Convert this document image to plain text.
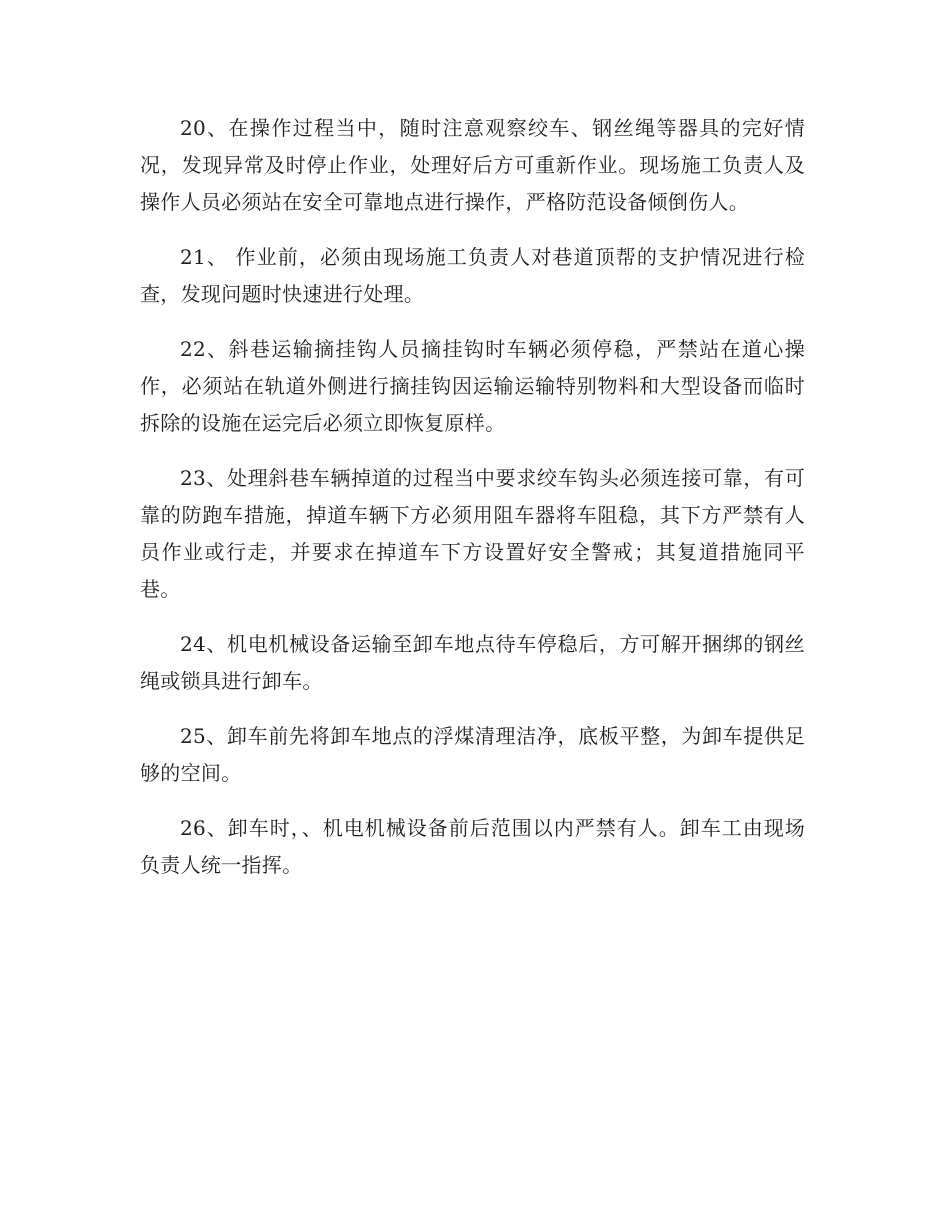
20、在操作过程当中，随时注意观察绞车、钢丝绳等器具的完好情况，发现异常及时停止作业，处理好后方可重新作业。现场施工负责人及操作人员必须站在安全可靠地点进行操作，严格防范设备倾倒伤人。

21、 作业前，必须由现场施工负责人对巷道顶帮的支护情况进行检查，发现问题时快速进行处理。

22、斜巷运输摘挂钩人员摘挂钩时车辆必须停稳，严禁站在道心操作，必须站在轨道外侧进行摘挂钩因运输运输特别物料和大型设备而临时拆除的设施在运完后必须立即恢复原样。

23、处理斜巷车辆掉道的过程当中要求绞车钩头必须连接可靠，有可靠的防跑车措施，掉道车辆下方必须用阻车器将车阻稳，其下方严禁有人员作业或行走，并要求在掉道车下方设置好安全警戒；其复道措施同平巷。

24、机电机械设备运输至卸车地点待车停稳后，方可解开捆绑的钢丝绳或锁具进行卸车。

25、卸车前先将卸车地点的浮煤清理洁净，底板平整，为卸车提供足够的空间。

26、卸车时，、机电机械设备前后范围以内严禁有人。卸车工由现场负责人统一指挥。
